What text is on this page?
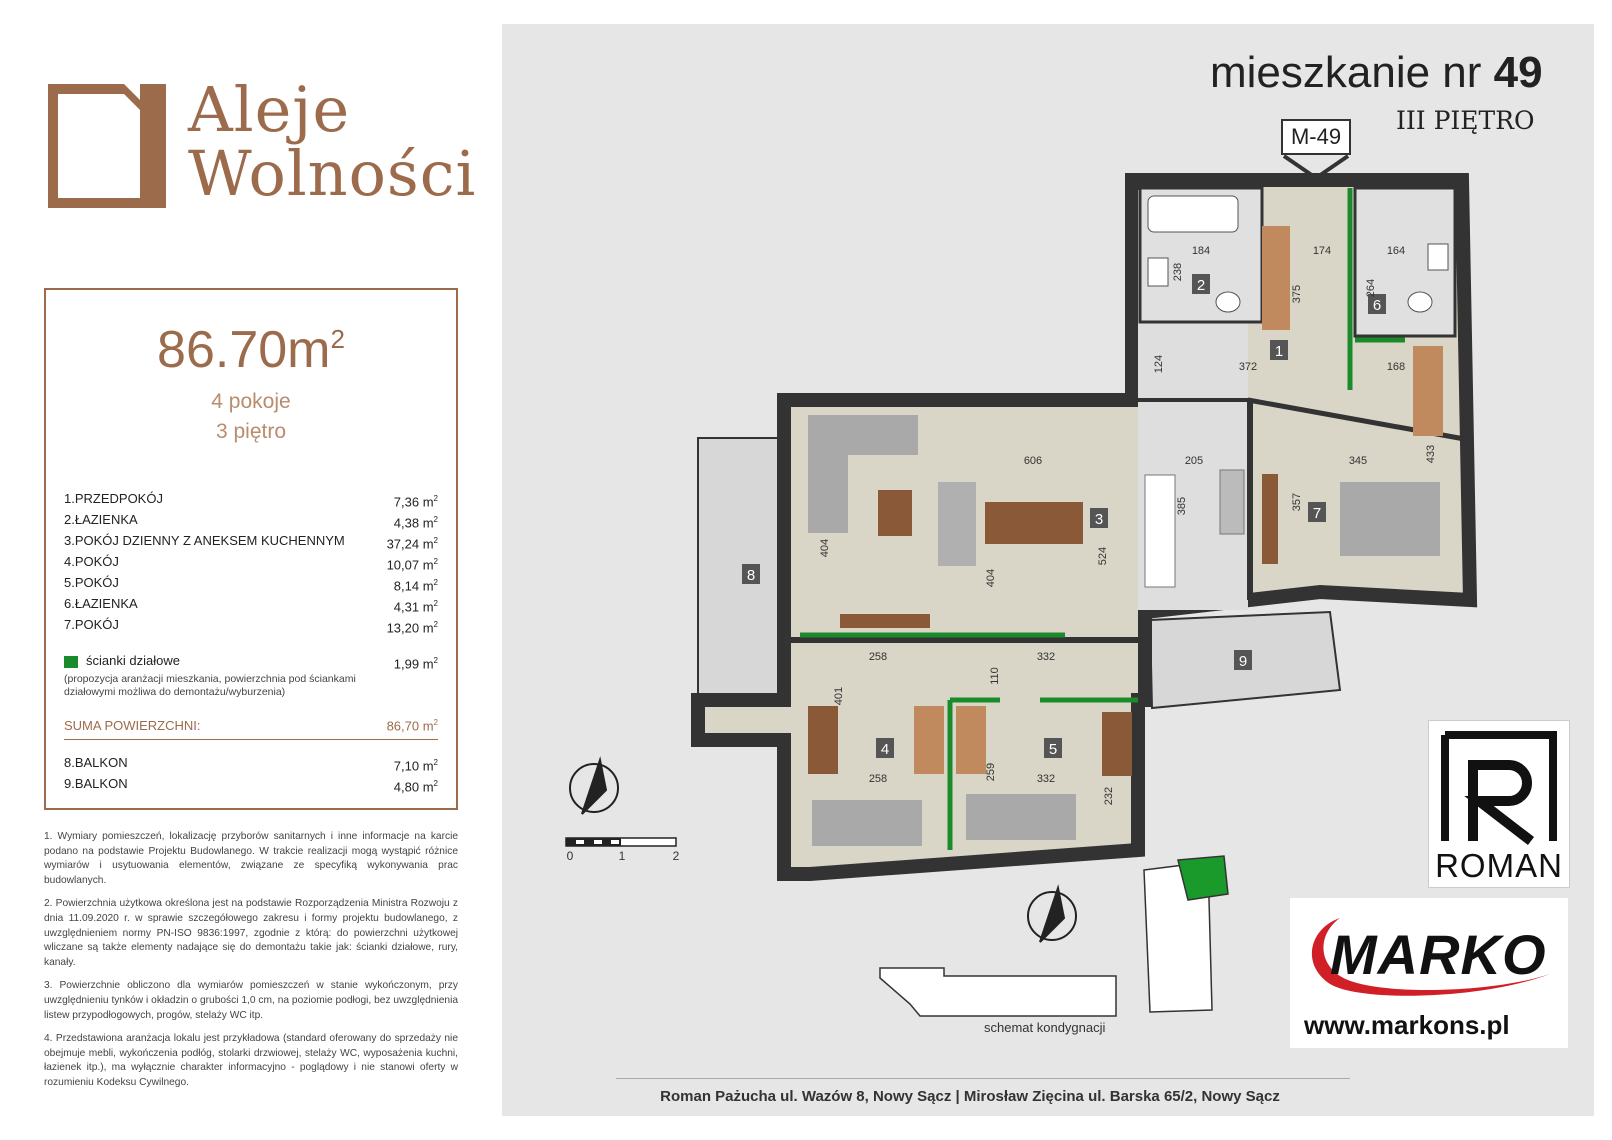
Aleje
Wolności
$86.70m^2$
4 pokoje
3 piętro
1.PRZEDPOKÓJ	7,36 $m^2$
2.ŁAZIENKA	4,38 $m^2$
3.POKÓJ DZIENNY Z ANEKSEM KUCHENNYM	37,24 $m^2$
4.POKÓJ	10,07 $m^2$
5.POKÓJ	8,14 $m^2$
6.ŁAZIENKA	4,31 $m^2$
7.POKÓJ	13,20 $m^2$
ścianki działowe	1,99 $m^2$
(propozycja aranżacji mieszkania, powierzchnia pod ściankami działowymi możliwa do demontażu/wyburzenia)
SUMA POWIERZCHNI:	86,70 $m^2$
8.BALKON	7,10 $m^2$
9.BALKON	4,80 $m^2$

1. Wymiary pomieszczeń, lokalizację przyborów sanitarnych i inne informacje na karcie podano na podstawie Projektu Budowlanego. W trakcie realizacji mogą wystąpić różnice wymiarów i usytuowania elementów, związane ze specyfiką wykonywania prac budowlanych.

2. Powierzchnia użytkowa określona jest na podstawie Rozporządzenia Ministra Rozwoju z dnia 11.09.2020 r. w sprawie szczegółowego zakresu i formy projektu budowlanego, z uwzględnieniem normy PN-ISO 9836:1997, zgodnie z którą: do powierzchni użytkowej wliczane są także elementy nadające się do demontażu takie jak: ścianki działowe, rury, kanały.

3. Powierzchnie obliczono dla wymiarów pomieszczeń w stanie wykończonym, przy uwzględnieniu tynków i okładzin o grubości 1,0 cm, na poziomie podłogi, bez uwzględnienia listew przypodłogowych, progów, stelaży WC itp.

4. Przedstawiona aranżacja lokalu jest przykładowa (standard oferowany do sprzedaży nie obejmuje mebli, wykończenia podłóg, stolarki drzwiowej, stelaży WC, wyposażenia kuchni, łazienek itp.), ma wyłącznie charakter informacyjno - poglądowy i nie stanowi oferty w rozumieniu Kodeksu Cywilnego.

mieszkanie nr 49
III PIĘTRO
M-49
1
2
3
4	5
6
7
8
9
184
238
174
375
164
264
124	372	168
345	433
606	205
385	357
404
404
524
258	332
110
401
258	332
259
232
0	1	2
schemat kondygnacji
ROMAN
MARKO
www.markons.pl
Roman Pażucha ul. Wazów 8, Nowy Sącz | Mirosław Zięcina ul. Barska 65/2, Nowy Sącz
